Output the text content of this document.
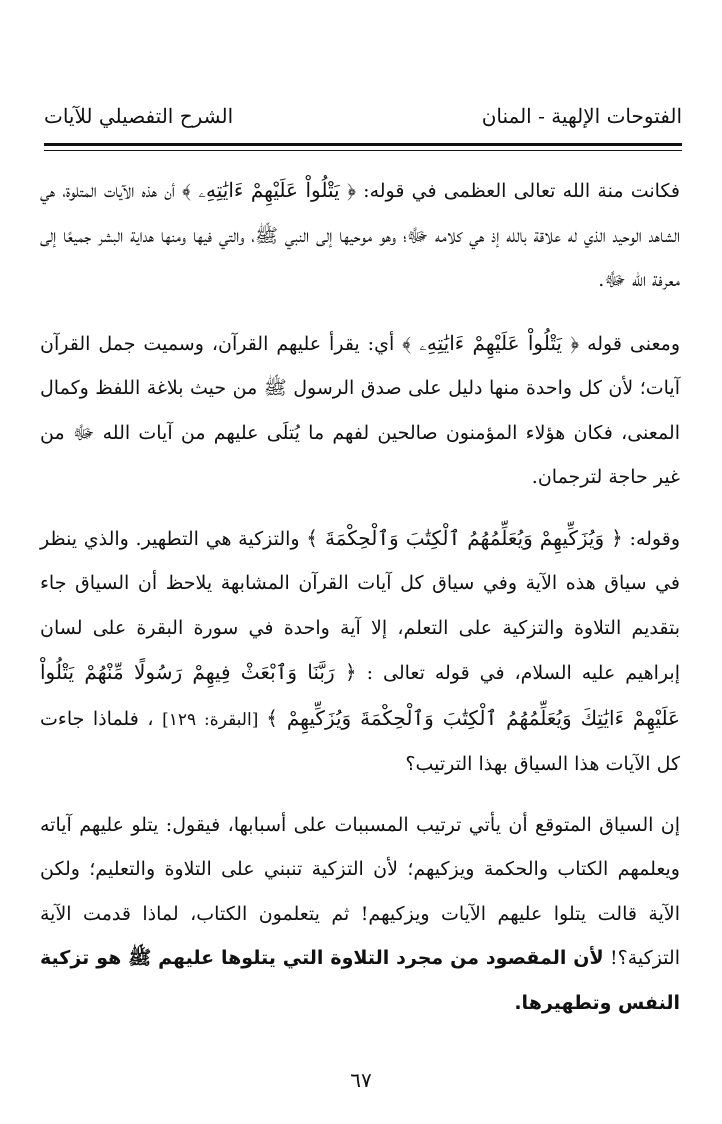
الفتوحات الإلهية - المنان
الشرح التفصيلي للآيات

فكانت منة الله تعالى العظمى في قوله: ﴿ يَتْلُواْ عَلَيْهِمْ ءَايَٰتِهِۦ ﴾ أن هذه الآيات المتلوة، هي الشاهد الوحيد الذي له علاقة بالله إذ هي كلامه ﷻ؛ وهو موحيها إلى النبي ﷺ، والتي فيها ومنها هداية البشر جميعًا إلى معرفة الله ﷻ.

ومعنى قوله ﴿ يَتْلُواْ عَلَيْهِمْ ءَايَٰتِهِۦ ﴾ أي: يقرأ عليهم القرآن، وسميت جمل القرآن آيات؛ لأن كل واحدة منها دليل على صدق الرسول ﷺ من حيث بلاغة اللفظ وكمال المعنى، فكان هؤلاء المؤمنون صالحين لفهم ما يُتلَى عليهم من آيات الله ﷻ من غير حاجة لترجمان.

وقوله: ﴿ وَيُزَكِّيهِمْ وَيُعَلِّمُهُمُ ٱلْكِتَٰبَ وَٱلْحِكْمَةَ ﴾ والتزكية هي التطهير. والذي ينظر في سياق هذه الآية وفي سياق كل آيات القرآن المشابهة يلاحظ أن السياق جاء بتقديم التلاوة والتزكية على التعلم، إلا آية واحدة في سورة البقرة على لسان إبراهيم عليه السلام، في قوله تعالى : ﴿ رَبَّنَا وَٱبْعَثْ فِيهِمْ رَسُولًا مِّنْهُمْ يَتْلُواْ عَلَيْهِمْ ءَايَٰتِكَ وَيُعَلِّمُهُمُ ٱلْكِتَٰبَ وَٱلْحِكْمَةَ وَيُزَكِّيهِمْ ﴾ [البقرة: ١٢٩] ، فلماذا جاءت كل الآيات هذا السياق بهذا الترتيب؟

إن السياق المتوقع أن يأتي ترتيب المسببات على أسبابها، فيقول: يتلو عليهم آياته ويعلمهم الكتاب والحكمة ويزكيهم؛ لأن التزكية تنبني على التلاوة والتعليم؛ ولكن الآية قالت يتلوا عليهم الآيات ويزكيهم! ثم يتعلمون الكتاب، لماذا قدمت الآية التزكية؟! لأن المقصود من مجرد التلاوة التي يتلوها عليهم ﷺ هو تزكية النفس وتطهيرها.

٦٧
